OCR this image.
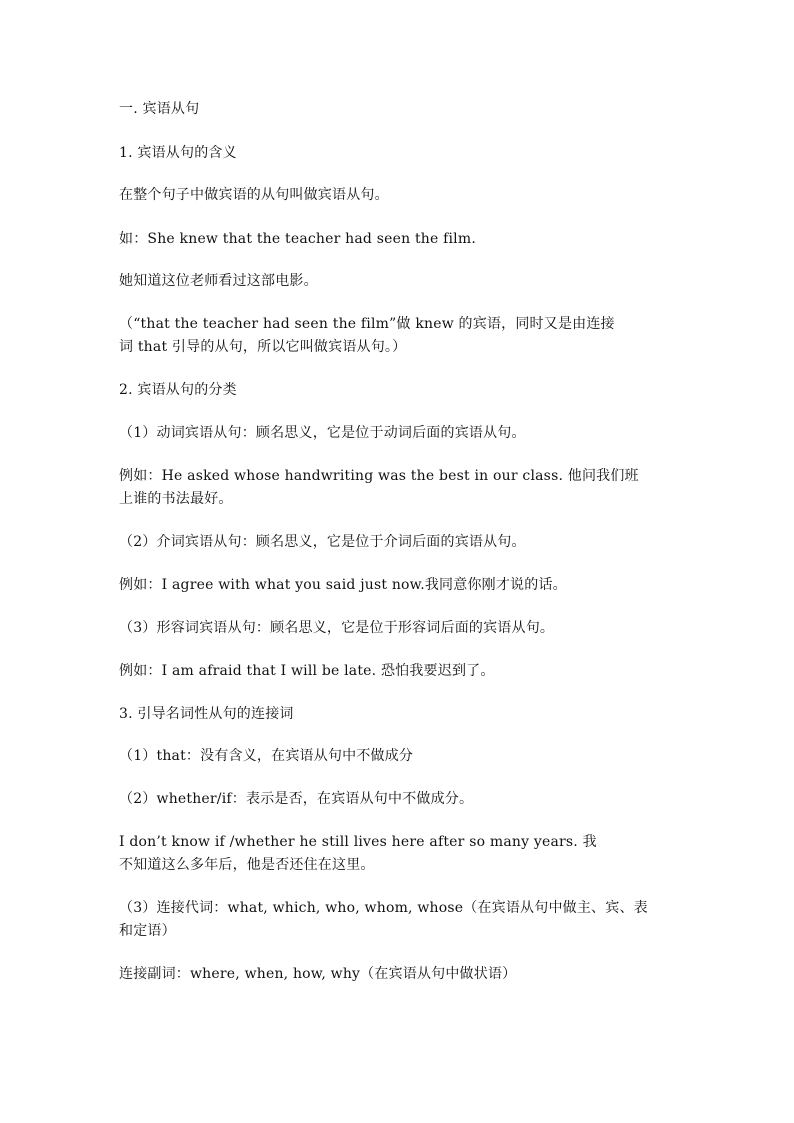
一. 宾语从句
1. 宾语从句的含义
在整个句子中做宾语的从句叫做宾语从句。
如：She knew that the teacher had seen the film.
她知道这位老师看过这部电影。
（“that the teacher had seen the film”做 knew 的宾语，同时又是由连接
词 that 引导的从句，所以它叫做宾语从句。）
2. 宾语从句的分类
（1）动词宾语从句：顾名思义，它是位于动词后面的宾语从句。
例如：He asked whose handwriting was the best in our class. 他问我们班
上谁的书法最好。
（2）介词宾语从句：顾名思义，它是位于介词后面的宾语从句。
例如：I agree with what you said just now.我同意你刚才说的话。
（3）形容词宾语从句：顾名思义，它是位于形容词后面的宾语从句。
例如：I am afraid that I will be late. 恐怕我要迟到了。
3. 引导名词性从句的连接词
（1）that：没有含义，在宾语从句中不做成分
（2）whether/if：表示是否，在宾语从句中不做成分。
I don’t know if /whether he still lives here after so many years. 我
不知道这么多年后，他是否还住在这里。
（3）连接代词：what, which, who, whom, whose（在宾语从句中做主、宾、表
和定语）
连接副词：where, when, how, why（在宾语从句中做状语）
